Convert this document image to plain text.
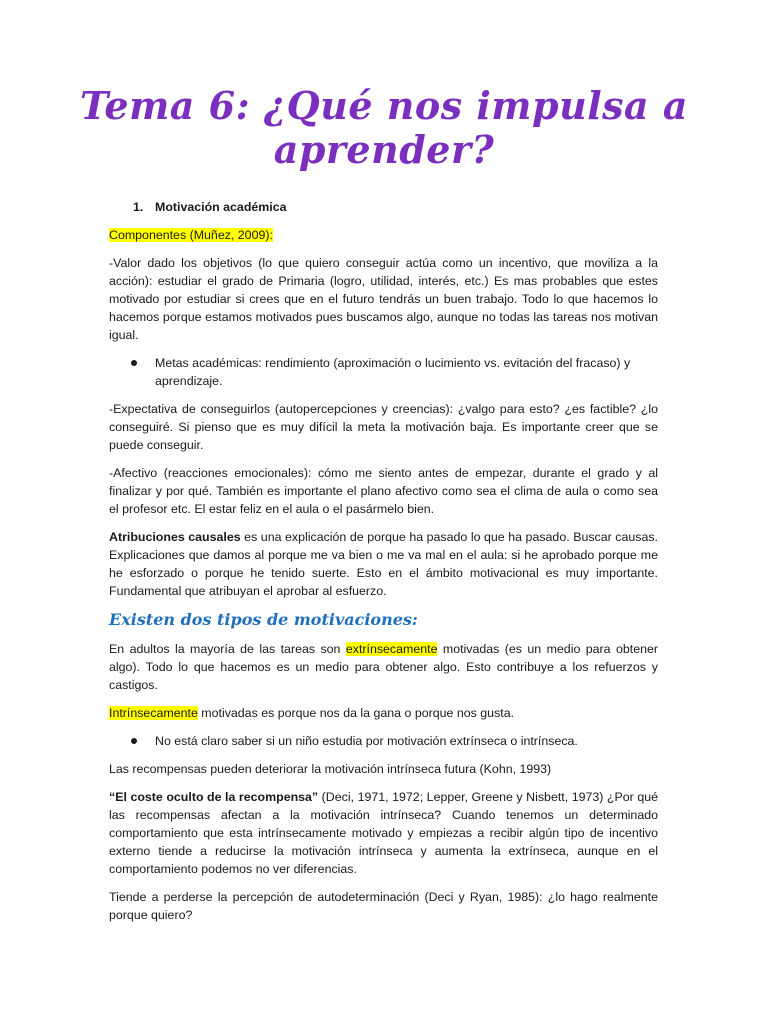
Tema 6: ¿Qué nos impulsa a aprender?
1. Motivación académica

Componentes (Muñez, 2009):

-Valor dado los objetivos (lo que quiero conseguir actúa como un incentivo, que moviliza a la acción): estudiar el grado de Primaria (logro, utilidad, interés, etc.) Es mas probables que estes motivado por estudiar si crees que en el futuro tendrás un buen trabajo. Todo lo que hacemos lo hacemos porque estamos motivados pues buscamos algo, aunque no todas las tareas nos motivan igual.

Metas académicas: rendimiento (aproximación o lucimiento vs. evitación del fracaso) y aprendizaje.

-Expectativa de conseguirlos (autopercepciones y creencias): ¿valgo para esto? ¿es factible? ¿lo conseguiré. Si pienso que es muy difícil la meta la motivación baja. Es importante creer que se puede conseguir.

-Afectivo (reacciones emocionales): cómo me siento antes de empezar, durante el grado y al finalizar y por qué. También es importante el plano afectivo como sea el clima de aula o como sea el profesor etc. El estar feliz en el aula o el pasármelo bien.

Atribuciones causales es una explicación de porque ha pasado lo que ha pasado. Buscar causas. Explicaciones que damos al porque me va bien o me va mal en el aula: si he aprobado porque me he esforzado o porque he tenido suerte. Esto en el ámbito motivacional es muy importante. Fundamental que atribuyan el aprobar al esfuerzo.

Existen dos tipos de motivaciones:

En adultos la mayoría de las tareas son extrínsecamente motivadas (es un medio para obtener algo). Todo lo que hacemos es un medio para obtener algo. Esto contribuye a los refuerzos y castigos.

Intrínsecamente motivadas es porque nos da la gana o porque nos gusta.

No está claro saber si un niño estudia por motivación extrínseca o intrínseca.

Las recompensas pueden deteriorar la motivación intrínseca futura (Kohn, 1993)

“El coste oculto de la recompensa” (Deci, 1971, 1972; Lepper, Greene y Nisbett, 1973) ¿Por qué las recompensas afectan a la motivación intrínseca? Cuando tenemos un determinado comportamiento que esta intrínsecamente motivado y empiezas a recibir algún tipo de incentivo externo tiende a reducirse la motivación intrínseca y aumenta la extrínseca, aunque en el comportamiento podemos no ver diferencias.

Tiende a perderse la percepción de autodeterminación (Deci y Ryan, 1985): ¿lo hago realmente porque quiero?
